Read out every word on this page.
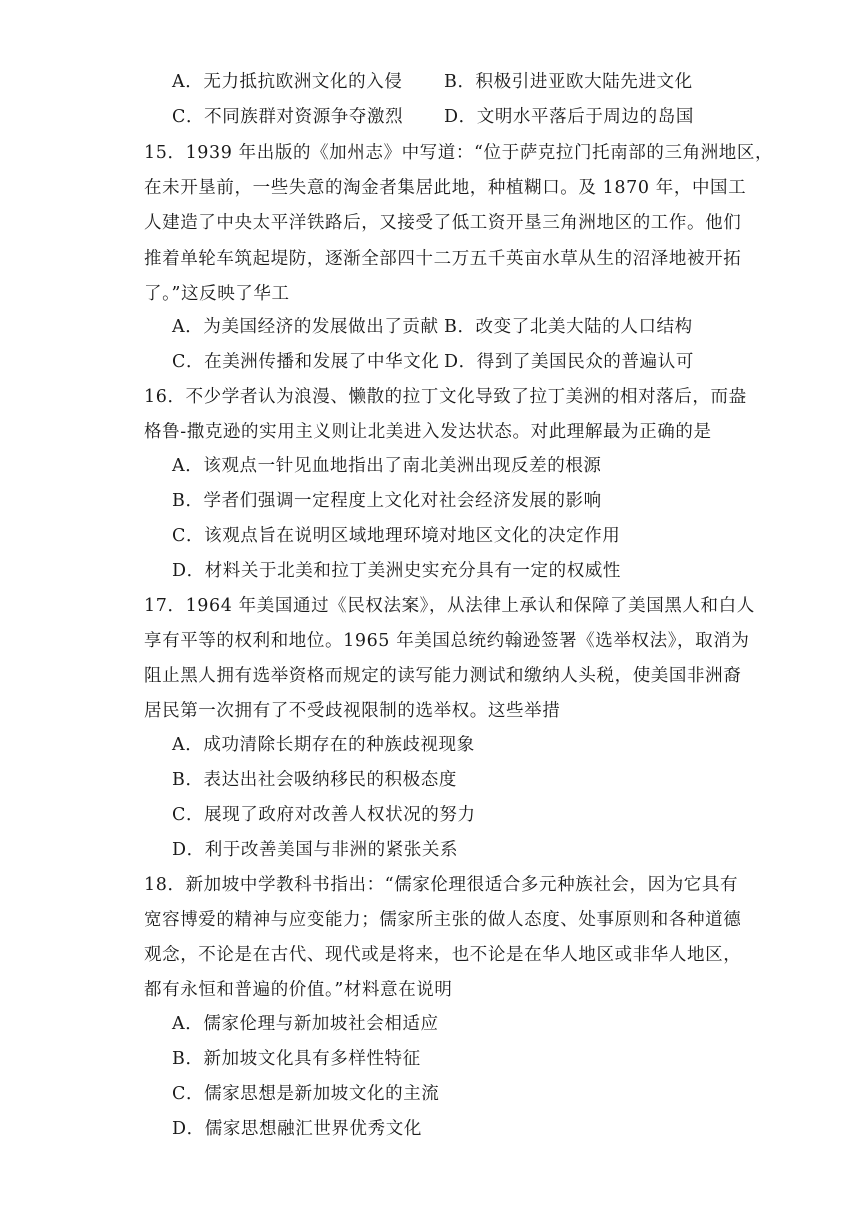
A．无力抵抗欧洲文化的入侵 B．积极引进亚欧大陆先进文化
C．不同族群对资源争夺激烈 D．文明水平落后于周边的岛国
15．1939 年出版的《加州志》中写道：“位于萨克拉门托南部的三角洲地区，
在未开垦前，一些失意的淘金者集居此地，种植糊口。及 1870 年，中国工
人建造了中央太平洋铁路后，又接受了低工资开垦三角洲地区的工作。他们
推着单轮车筑起堤防，逐渐全部四十二万五千英亩水草从生的沼泽地被开拓
了。”这反映了华工
A．为美国经济的发展做出了贡献 B．改变了北美大陆的人口结构
C．在美洲传播和发展了中华文化 D．得到了美国民众的普遍认可
16．不少学者认为浪漫、懒散的拉丁文化导致了拉丁美洲的相对落后，而盎
格鲁-撒克逊的实用主义则让北美进入发达状态。对此理解最为正确的是
A．该观点一针见血地指出了南北美洲出现反差的根源
B．学者们强调一定程度上文化对社会经济发展的影响
C．该观点旨在说明区域地理环境对地区文化的决定作用
D．材料关于北美和拉丁美洲史实充分具有一定的权威性
17．1964 年美国通过《民权法案》，从法律上承认和保障了美国黑人和白人
享有平等的权利和地位。1965 年美国总统约翰逊签署《选举权法》，取消为
阻止黑人拥有选举资格而规定的读写能力测试和缴纳人头税，使美国非洲裔
居民第一次拥有了不受歧视限制的选举权。这些举措
A．成功清除长期存在的种族歧视现象
B．表达出社会吸纳移民的积极态度
C．展现了政府对改善人权状况的努力
D．利于改善美国与非洲的紧张关系
18．新加坡中学教科书指出：“儒家伦理很适合多元种族社会，因为它具有
宽容博爱的精神与应变能力；儒家所主张的做人态度、处事原则和各种道德
观念，不论是在古代、现代或是将来，也不论是在华人地区或非华人地区，
都有永恒和普遍的价值。”材料意在说明
A．儒家伦理与新加坡社会相适应
B．新加坡文化具有多样性特征
C．儒家思想是新加坡文化的主流
D．儒家思想融汇世界优秀文化
